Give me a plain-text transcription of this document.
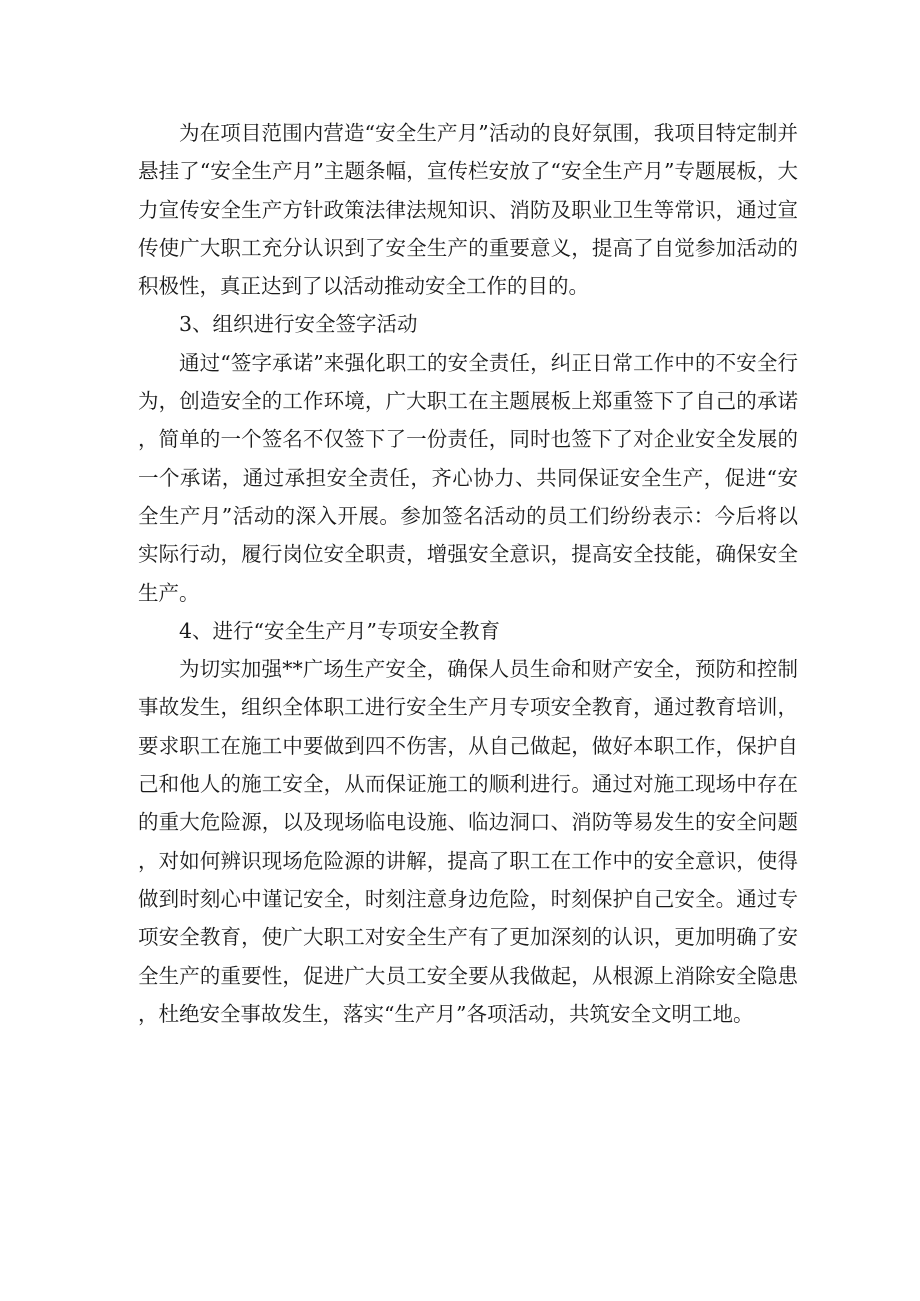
为在项目范围内营造“安全生产月”活动的良好氛围，我项目特定制并悬挂了“安全生产月”主题条幅，宣传栏安放了“安全生产月”专题展板，大力宣传安全生产方针政策法律法规知识、消防及职业卫生等常识，通过宣传使广大职工充分认识到了安全生产的重要意义，提高了自觉参加活动的积极性，真正达到了以活动推动安全工作的目的。

3、组织进行安全签字活动

通过“签字承诺”来强化职工的安全责任，纠正日常工作中的不安全行为，创造安全的工作环境，广大职工在主题展板上郑重签下了自己的承诺，简单的一个签名不仅签下了一份责任，同时也签下了对企业安全发展的一个承诺，通过承担安全责任，齐心协力、共同保证安全生产，促进“安全生产月”活动的深入开展。参加签名活动的员工们纷纷表示：今后将以实际行动，履行岗位安全职责，增强安全意识，提高安全技能，确保安全生产。

4、进行“安全生产月”专项安全教育

为切实加强**广场生产安全，确保人员生命和财产安全，预防和控制事故发生，组织全体职工进行安全生产月专项安全教育，通过教育培训，要求职工在施工中要做到四不伤害，从自己做起，做好本职工作，保护自己和他人的施工安全，从而保证施工的顺利进行。通过对施工现场中存在的重大危险源，以及现场临电设施、临边洞口、消防等易发生的安全问题，对如何辨识现场危险源的讲解，提高了职工在工作中的安全意识，使得做到时刻心中谨记安全，时刻注意身边危险，时刻保护自己安全。通过专项安全教育，使广大职工对安全生产有了更加深刻的认识，更加明确了安全生产的重要性，促进广大员工安全要从我做起，从根源上消除安全隐患，杜绝安全事故发生，落实“生产月”各项活动，共筑安全文明工地。
